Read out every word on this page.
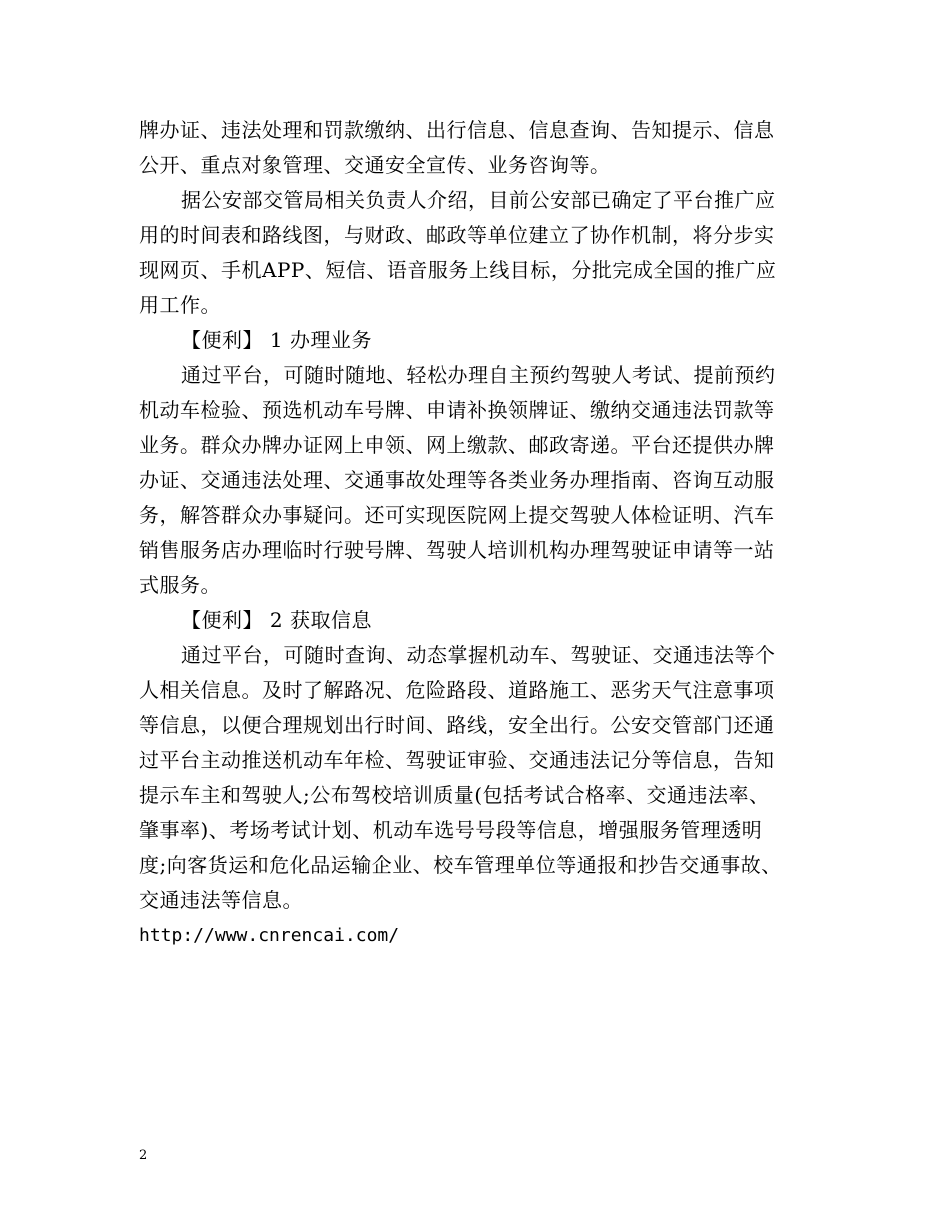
牌办证、违法处理和罚款缴纳、出行信息、信息查询、告知提示、信息
公开、重点对象管理、交通安全宣传、业务咨询等。

据公安部交管局相关负责人介绍，目前公安部已确定了平台推广应
用的时间表和路线图，与财政、邮政等单位建立了协作机制，将分步实
现网页、手机APP、短信、语音服务上线目标，分批完成全国的推广应
用工作。

【便利】 1 办理业务

通过平台，可随时随地、轻松办理自主预约驾驶人考试、提前预约
机动车检验、预选机动车号牌、申请补换领牌证、缴纳交通违法罚款等
业务。群众办牌办证网上申领、网上缴款、邮政寄递。平台还提供办牌
办证、交通违法处理、交通事故处理等各类业务办理指南、咨询互动服
务，解答群众办事疑问。还可实现医院网上提交驾驶人体检证明、汽车
销售服务店办理临时行驶号牌、驾驶人培训机构办理驾驶证申请等一站
式服务。

【便利】 2 获取信息

通过平台，可随时查询、动态掌握机动车、驾驶证、交通违法等个
人相关信息。及时了解路况、危险路段、道路施工、恶劣天气注意事项
等信息，以便合理规划出行时间、路线，安全出行。公安交管部门还通
过平台主动推送机动车年检、驾驶证审验、交通违法记分等信息，告知
提示车主和驾驶人;公布驾校培训质量(包括考试合格率、交通违法率、
肇事率)、考场考试计划、机动车选号号段等信息，增强服务管理透明
度;向客货运和危化品运输企业、校车管理单位等通报和抄告交通事故、
交通违法等信息。

http://www.cnrencai.com/

2
